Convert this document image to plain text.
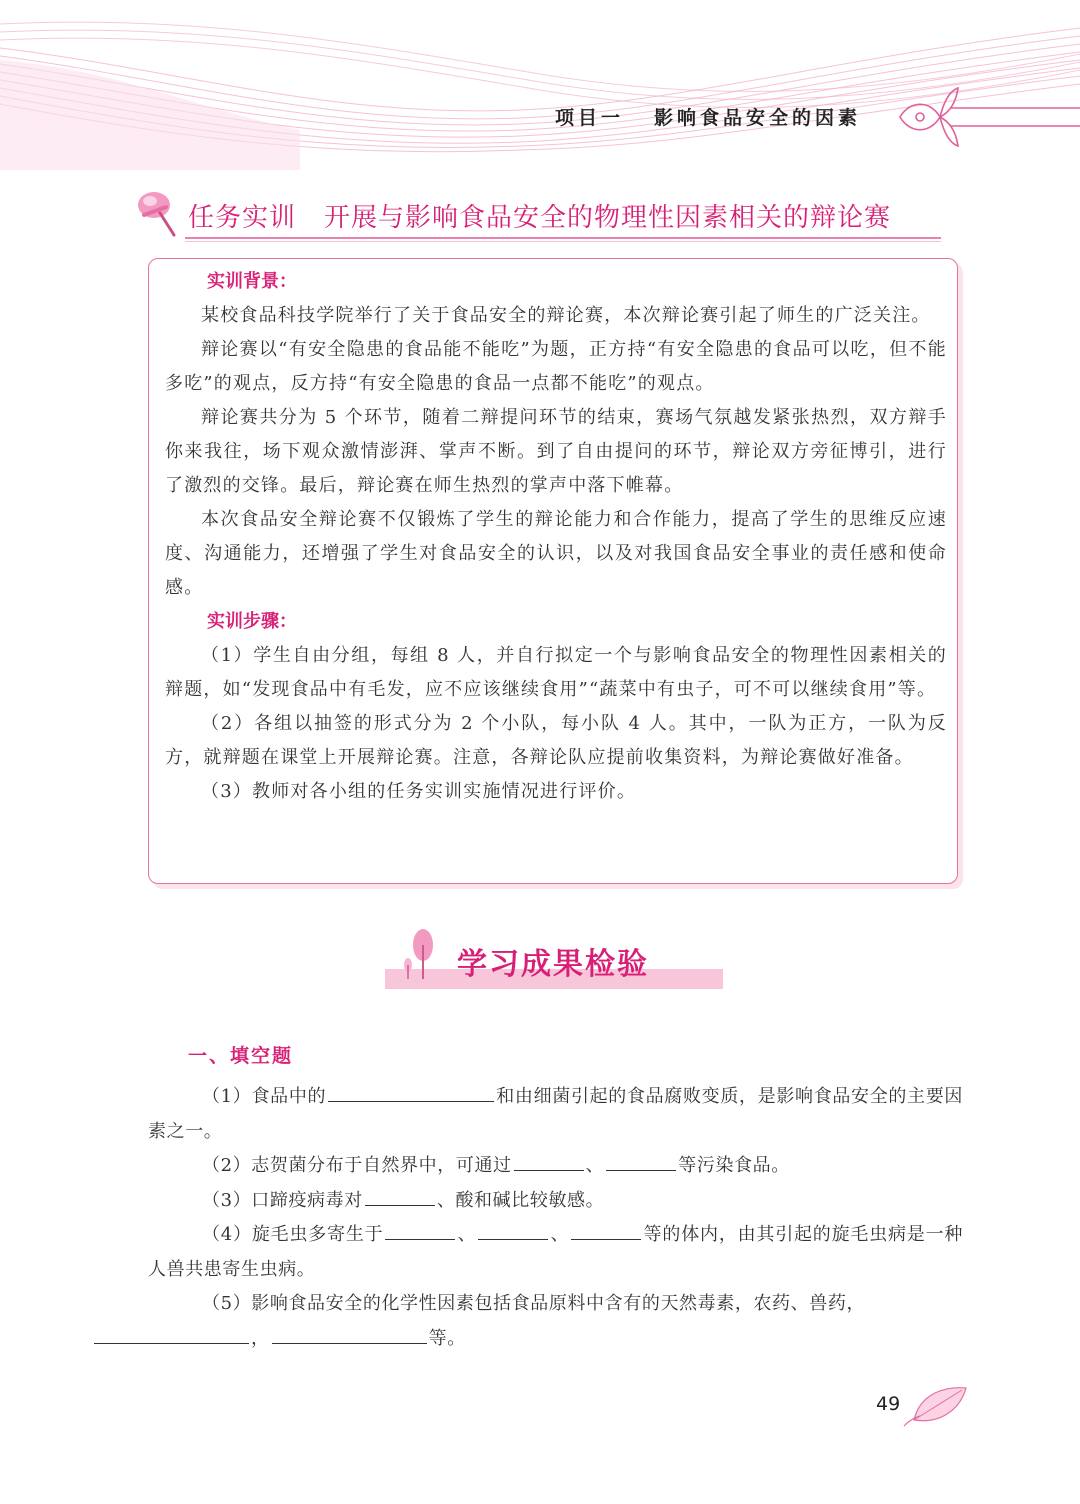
项目一 影响食品安全的因素
任务实训 开展与影响食品安全的物理性因素相关的辩论赛
实训背景：

某校食品科技学院举行了关于食品安全的辩论赛，本次辩论赛引起了师生的广泛关注。

辩论赛以“有安全隐患的食品能不能吃”为题，正方持“有安全隐患的食品可以吃，但不能多吃”的观点，反方持“有安全隐患的食品一点都不能吃”的观点。

辩论赛共分为 5 个环节，随着二辩提问环节的结束，赛场气氛越发紧张热烈，双方辩手你来我往，场下观众激情澎湃、掌声不断。到了自由提问的环节，辩论双方旁征博引，进行了激烈的交锋。最后，辩论赛在师生热烈的掌声中落下帷幕。

本次食品安全辩论赛不仅锻炼了学生的辩论能力和合作能力，提高了学生的思维反应速度、沟通能力，还增强了学生对食品安全的认识，以及对我国食品安全事业的责任感和使命感。

实训步骤：

（1）学生自由分组，每组 8 人，并自行拟定一个与影响食品安全的物理性因素相关的辩题，如“发现食品中有毛发，应不应该继续食用”“蔬菜中有虫子，可不可以继续食用”等。

（2）各组以抽签的形式分为 2 个小队，每小队 4 人。其中，一队为正方，一队为反方，就辩题在课堂上开展辩论赛。注意，各辩论队应提前收集资料，为辩论赛做好准备。

（3）教师对各小组的任务实训实施情况进行评价。

学习成果检验
一、填空题

（1）食品中的	和由细菌引起的食品腐败变质，是影响食品安全的主要因素之一。

（2）志贺菌分布于自然界中，可通过	、	等污染食品。

（3）口蹄疫病毒对	、酸和碱比较敏感。

（4）旋毛虫多寄生于	、	、	等的体内，由其引起的旋毛虫病是一种人兽共患寄生虫病。

（5）影响食品安全的化学性因素包括食品原料中含有的天然毒素，农药、兽药，
，	等。

49
